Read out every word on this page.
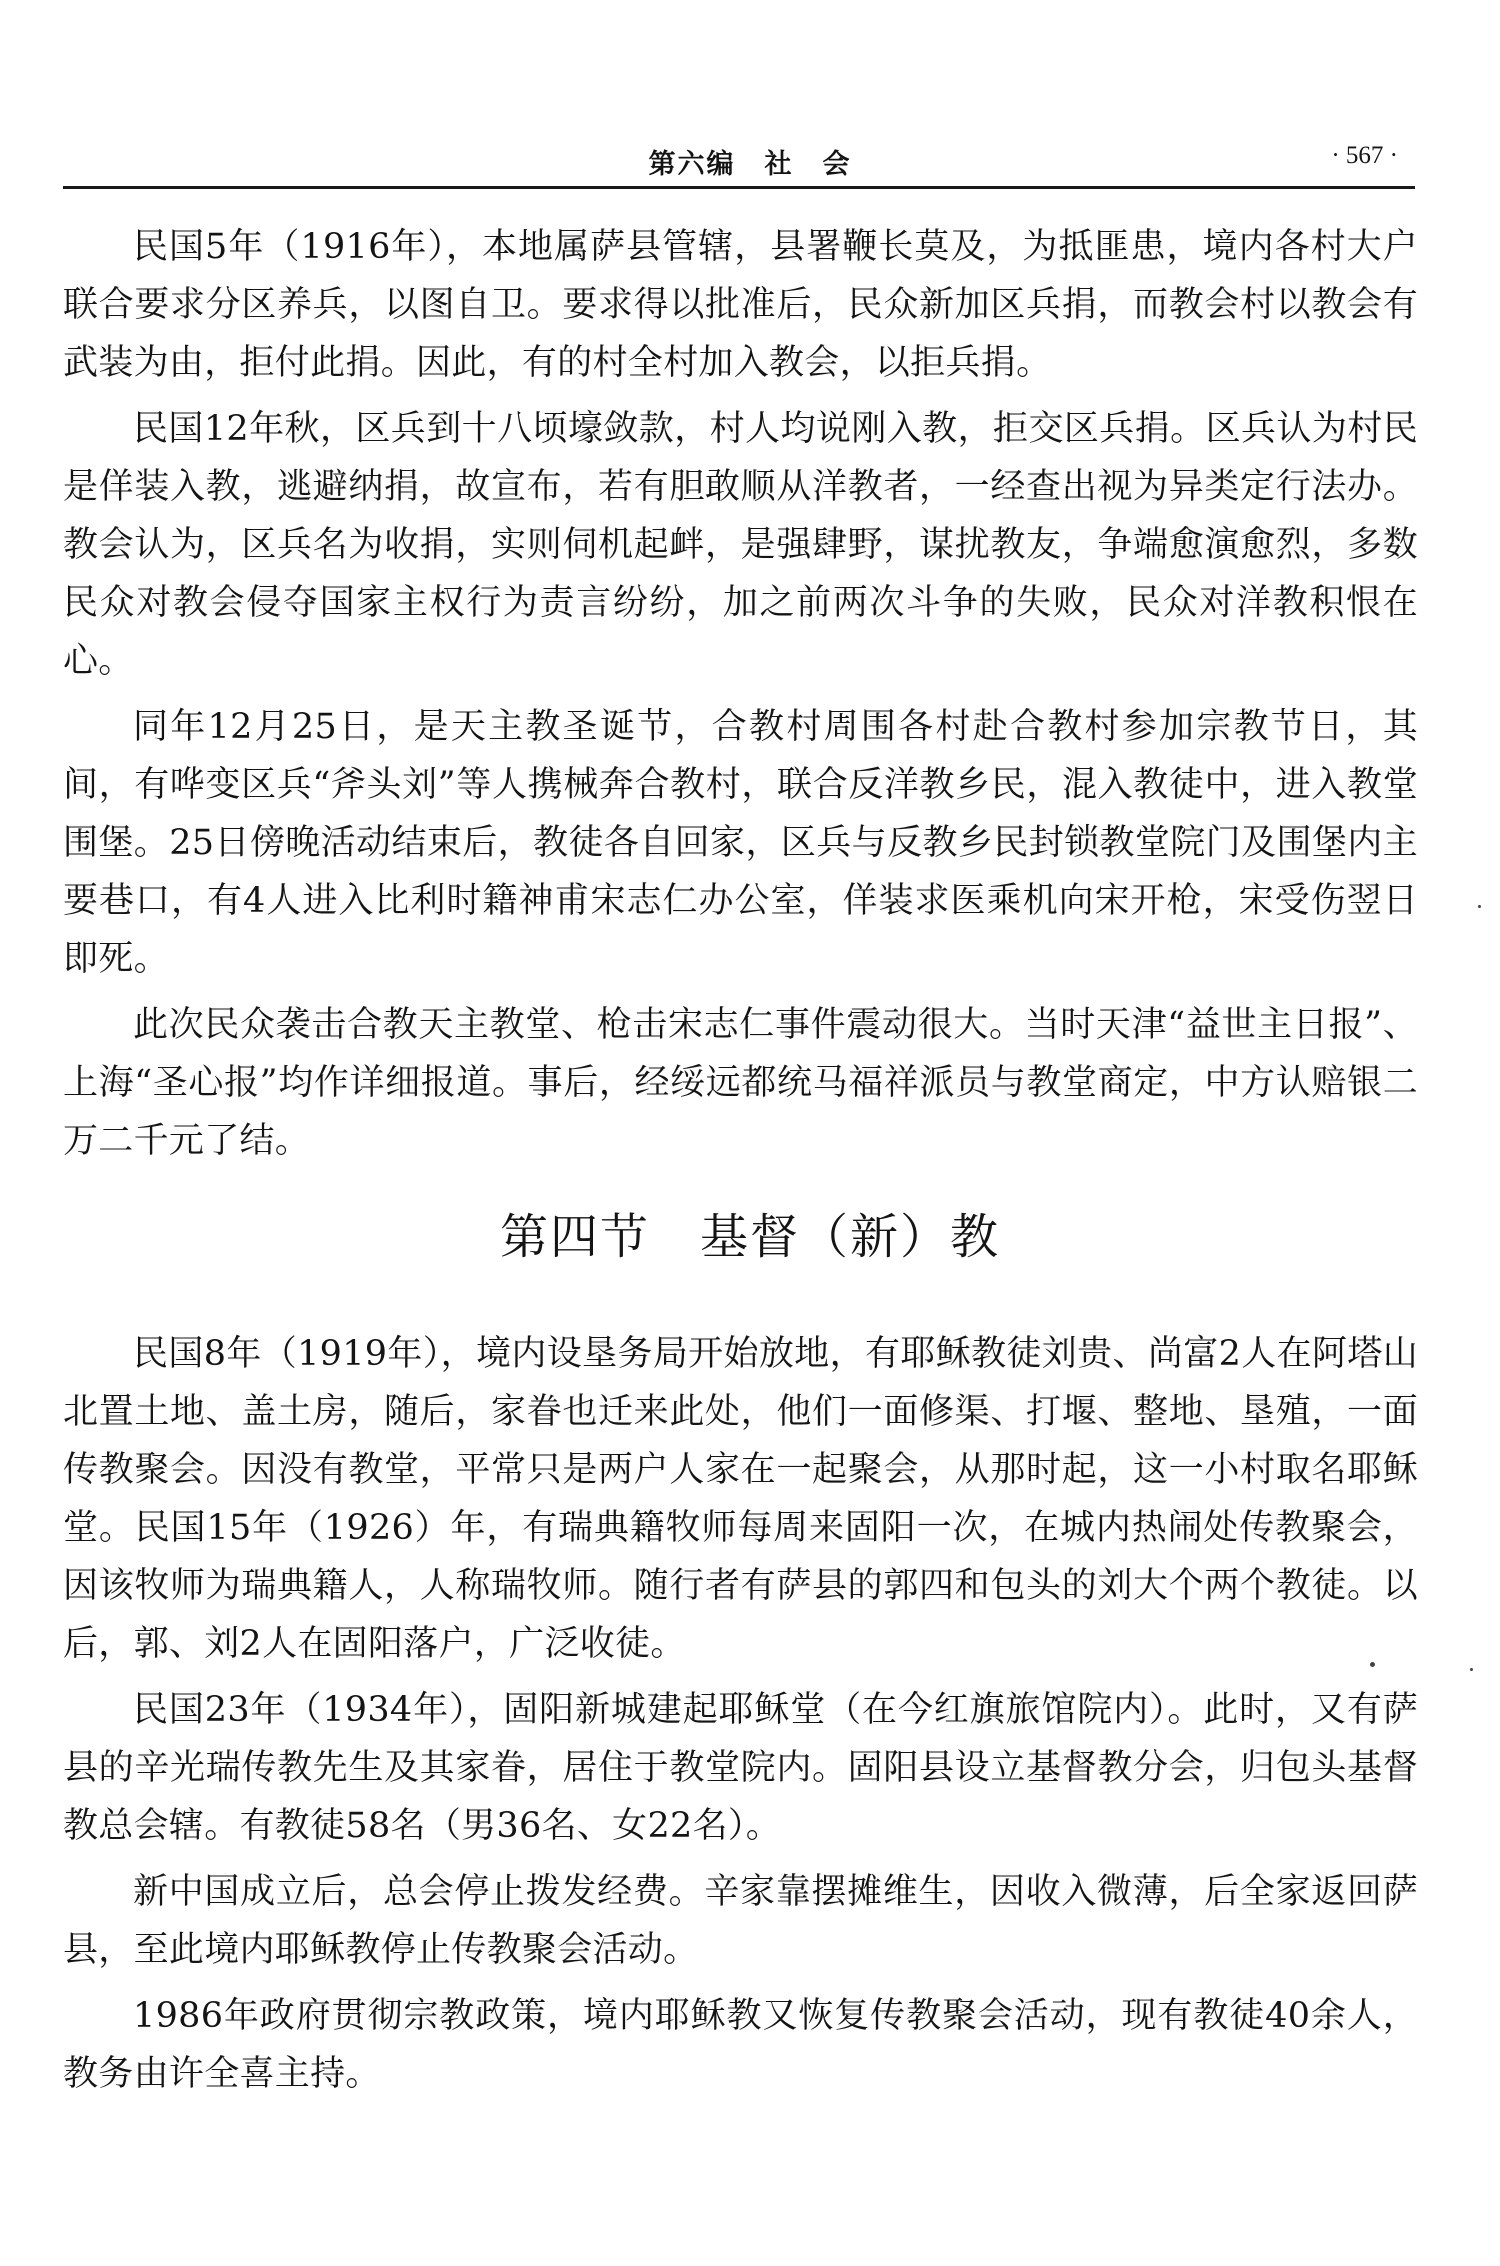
第六编　社　会	· 567 ·

民国5年（1916年），本地属萨县管辖，县署鞭长莫及，为抵匪患，境内各村大户联合要求分区养兵，以图自卫。要求得以批准后，民众新加区兵捐，而教会村以教会有武装为由，拒付此捐。因此，有的村全村加入教会，以拒兵捐。

民国12年秋，区兵到十八顷壕敛款，村人均说刚入教，拒交区兵捐。区兵认为村民是佯装入教，逃避纳捐，故宣布，若有胆敢顺从洋教者，一经查出视为异类定行法办。教会认为，区兵名为收捐，实则伺机起衅，是强肆野，谋扰教友，争端愈演愈烈，多数民众对教会侵夺国家主权行为责言纷纷，加之前两次斗争的失败，民众对洋教积恨在心。

同年12月25日，是天主教圣诞节，合教村周围各村赴合教村参加宗教节日，其间，有哗变区兵“斧头刘”等人携械奔合教村，联合反洋教乡民，混入教徒中，进入教堂围堡。25日傍晚活动结束后，教徒各自回家，区兵与反教乡民封锁教堂院门及围堡内主要巷口，有4人进入比利时籍神甫宋志仁办公室，佯装求医乘机向宋开枪，宋受伤翌日即死。

此次民众袭击合教天主教堂、枪击宋志仁事件震动很大。当时天津“益世主日报”、上海“圣心报”均作详细报道。事后，经绥远都统马福祥派员与教堂商定，中方认赔银二万二千元了结。

第四节　基督（新）教

民国8年（1919年），境内设垦务局开始放地，有耶稣教徒刘贵、尚富2人在阿塔山北置土地、盖土房，随后，家眷也迁来此处，他们一面修渠、打堰、整地、垦殖，一面传教聚会。因没有教堂，平常只是两户人家在一起聚会，从那时起，这一小村取名耶稣堂。民国15年（1926）年，有瑞典籍牧师每周来固阳一次，在城内热闹处传教聚会，因该牧师为瑞典籍人，人称瑞牧师。随行者有萨县的郭四和包头的刘大个两个教徒。以后，郭、刘2人在固阳落户，广泛收徒。

民国23年（1934年），固阳新城建起耶稣堂（在今红旗旅馆院内）。此时，又有萨县的辛光瑞传教先生及其家眷，居住于教堂院内。固阳县设立基督教分会，归包头基督教总会辖。有教徒58名（男36名、女22名）。

新中国成立后，总会停止拨发经费。辛家靠摆摊维生，因收入微薄，后全家返回萨县，至此境内耶稣教停止传教聚会活动。

1986年政府贯彻宗教政策，境内耶稣教又恢复传教聚会活动，现有教徒40余人，教务由许全喜主持。
